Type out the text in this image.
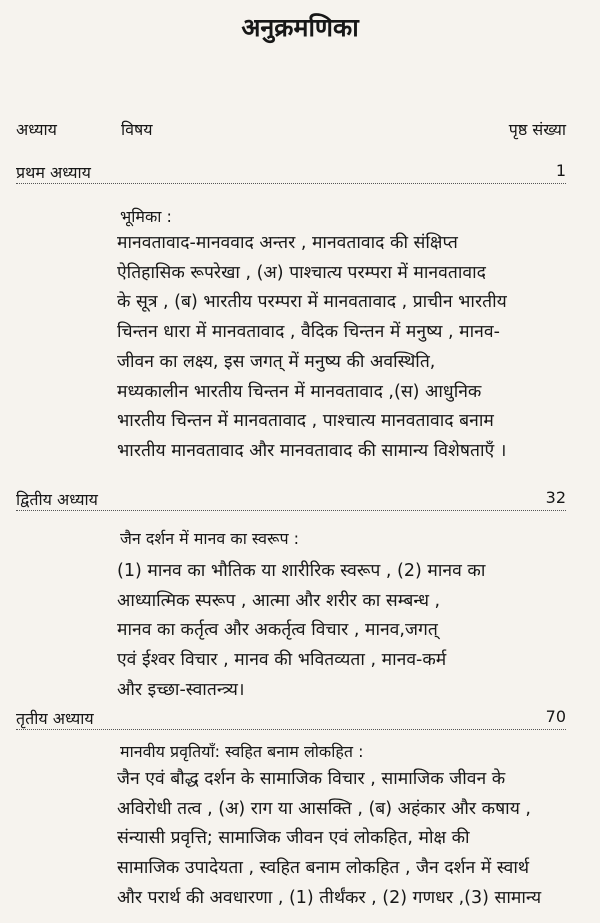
अनुक्रमणिका
अध्याय	विषय	पृष्ठ संख्या
प्रथम अध्याय	1
भूमिका :
मानवतावाद-मानववाद अन्तर , मानवतावाद की संक्षिप्त
ऐतिहासिक रूपरेखा , (अ) पाश्चात्य परम्परा में मानवतावाद
के सूत्र , (ब) भारतीय परम्परा में मानवतावाद , प्राचीन भारतीय
चिन्तन धारा में मानवतावाद , वैदिक चिन्तन में मनुष्य , मानव-
जीवन का लक्ष्य, इस जगत् में मनुष्य की अवस्थिति,
मध्यकालीन भारतीय चिन्तन में मानवतावाद ,(स) आधुनिक
भारतीय चिन्तन में मानवतावाद , पाश्चात्य मानवतावाद बनाम
भारतीय मानवतावाद और मानवतावाद की सामान्य विशेषताएँ ।
द्वितीय अध्याय	32
जैन दर्शन में मानव का स्वरूप :
(1) मानव का भौतिक या शारीरिक स्वरूप , (2) मानव का
आध्यात्मिक स्परूप , आत्मा और शरीर का सम्बन्ध ,
मानव का कर्तृत्व और अकर्तृत्व विचार , मानव,जगत्
एवं ईश्वर विचार , मानव की भवितव्यता , मानव-कर्म
और इच्छा-स्वातन्त्र्य।
तृतीय अध्याय	70
मानवीय प्रवृतियाँ: स्वहित बनाम लोकहित :
जैन एवं बौद्ध दर्शन के सामाजिक विचार , सामाजिक जीवन के
अविरोधी तत्व , (अ) राग या आसक्ति , (ब) अहंकार और कषाय ,
संन्यासी प्रवृत्ति; सामाजिक जीवन एवं लोकहित, मोक्ष की
सामाजिक उपादेयता , स्वहित बनाम लोकहित , जैन दर्शन में स्वार्थ
और परार्थ की अवधारणा , (1) तीर्थंकर , (2) गणधर ,(3) सामान्य
